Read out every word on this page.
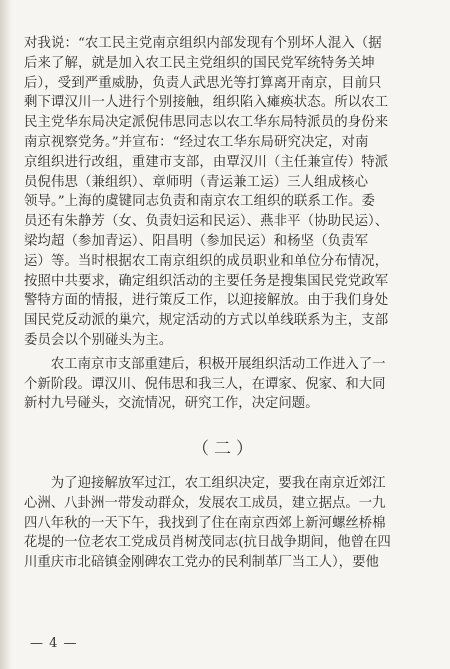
对我说：“农工民主党南京组织内部发现有个别坏人混入（据
后来了解，就是加入农工民主党组织的国民党军统特务关坤
后），受到严重威胁，负责人武思光等打算离开南京，目前只
剩下谭汉川一人进行个别接触，组织陷入瘫痪状态。所以农工
民主党华东局决定派倪伟思同志以农工华东局特派员的身份来
南京视察党务。”并宣布：“经过农工华东局研究决定，对南
京组织进行改组，重建市支部，由覃汉川（主任兼宣传）特派
员倪伟思（兼组织）、章师明（青运兼工运）三人组成核心
领导。”上海的虞键同志负责和南京农工组织的联系工作。委
员还有朱静芳（女、负责妇运和民运）、燕非平（协助民运）、
梁均超（参加青运）、阳昌明（参加民运）和杨坚（负责军
运）等。当时根据农工南京组织的成员职业和单位分布情况，
按照中共要求，确定组织活动的主要任务是搜集国民党党政军
警特方面的情报，进行策反工作，以迎接解放。由于我们身处
国民党反动派的巢穴，规定活动的方式以单线联系为主，支部
委员会以个别碰头为主。
农工南京市支部重建后，积极开展组织活动工作进入了一
个新阶段。谭汉川、倪伟思和我三人，在谭家、倪家、和大同
新村九号碰头，交流情况，研究工作，决定问题。
（二）
为了迎接解放军过江，农工组织决定，要我在南京近郊江
心洲、八卦洲一带发动群众，发展农工成员，建立据点。一九
四八年秋的一天下午，我找到了住在南京西郊上新河螺丝桥棉
花堤的一位老农工党成员肖树茂同志(抗日战争期间，他曾在四
川重庆市北碚镇金刚碑农工党办的民利制革厂当工人），要他
— 4 —
